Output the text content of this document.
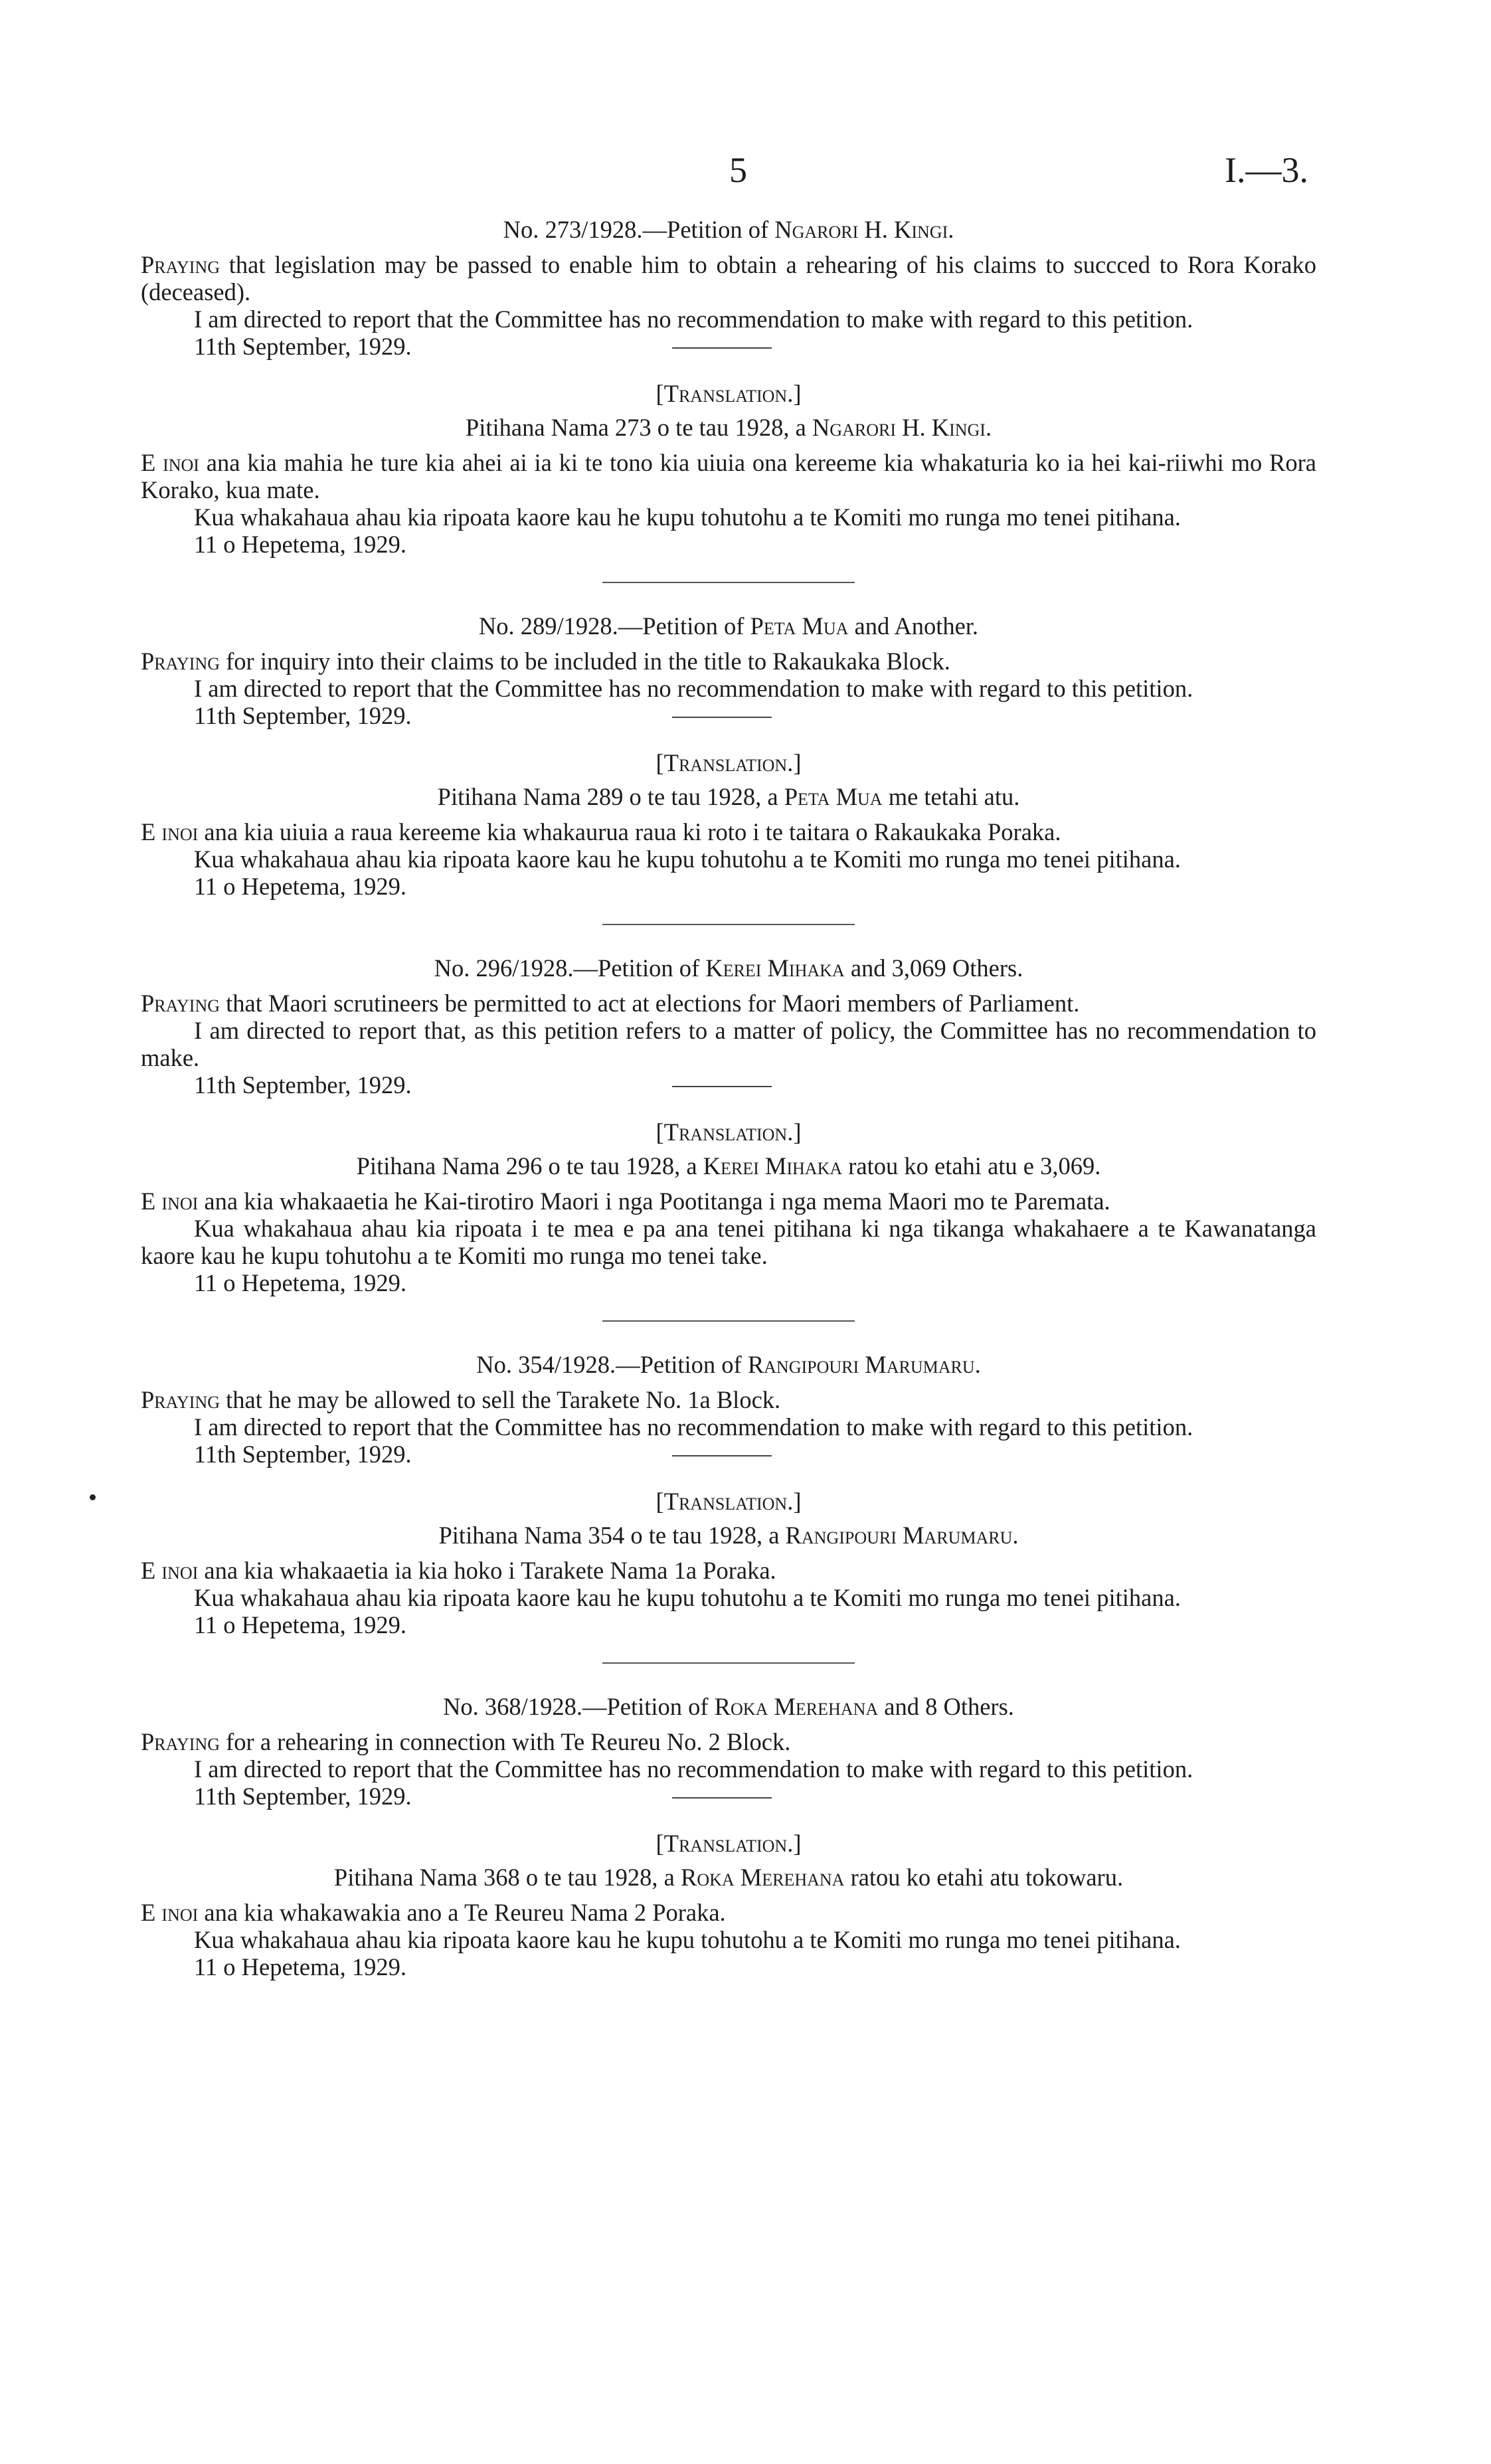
5	I.—3.
No. 273/1928.—Petition of Ngarori H. Kingi.

Praying that legislation may be passed to enable him to obtain a rehearing of his claims to succced to Rora Korako (deceased).

I am directed to report that the Committee has no recommendation to make with regard to this petition.

11th September, 1929.
[Translation.]
Pitihana Nama 273 o te tau 1928, a Ngarori H. Kingi.

E inoi ana kia mahia he ture kia ahei ai ia ki te tono kia uiuia ona kereeme kia whakaturia ko ia hei kai-riiwhi mo Rora Korako, kua mate.

Kua whakahaua ahau kia ripoata kaore kau he kupu tohutohu a te Komiti mo runga mo tenei pitihana.

11 o Hepetema, 1929.

No. 289/1928.—Petition of Peta Mua and Another.

Praying for inquiry into their claims to be included in the title to Rakaukaka Block.

I am directed to report that the Committee has no recommendation to make with regard to this petition.

11th September, 1929.
[Translation.]
Pitihana Nama 289 o te tau 1928, a Peta Mua me tetahi atu.

E inoi ana kia uiuia a raua kereeme kia whakaurua raua ki roto i te taitara o Rakaukaka Poraka.

Kua whakahaua ahau kia ripoata kaore kau he kupu tohutohu a te Komiti mo runga mo tenei pitihana.

11 o Hepetema, 1929.

No. 296/1928.—Petition of Kerei Mihaka and 3,069 Others.

Praying that Maori scrutineers be permitted to act at elections for Maori members of Parliament.

I am directed to report that, as this petition refers to a matter of policy, the Committee has no recommendation to make.

11th September, 1929.
[Translation.]
Pitihana Nama 296 o te tau 1928, a Kerei Mihaka ratou ko etahi atu e 3,069.

E inoi ana kia whakaaetia he Kai-tirotiro Maori i nga Pootitanga i nga mema Maori mo te Paremata.

Kua whakahaua ahau kia ripoata i te mea e pa ana tenei pitihana ki nga tikanga whakahaere a te Kawanatanga kaore kau he kupu tohutohu a te Komiti mo runga mo tenei take.

11 o Hepetema, 1929.

No. 354/1928.—Petition of Rangipouri Marumaru.

Praying that he may be allowed to sell the Tarakete No. 1a Block.

I am directed to report that the Committee has no recommendation to make with regard to this petition.

11th September, 1929.
[Translation.]
Pitihana Nama 354 o te tau 1928, a Rangipouri Marumaru.

E inoi ana kia whakaaetia ia kia hoko i Tarakete Nama 1a Poraka.

Kua whakahaua ahau kia ripoata kaore kau he kupu tohutohu a te Komiti mo runga mo tenei pitihana.

11 o Hepetema, 1929.

No. 368/1928.—Petition of Roka Merehana and 8 Others.

Praying for a rehearing in connection with Te Reureu No. 2 Block.

I am directed to report that the Committee has no recommendation to make with regard to this petition.

11th September, 1929.
[Translation.]
Pitihana Nama 368 o te tau 1928, a Roka Merehana ratou ko etahi atu tokowaru.

E inoi ana kia whakawakia ano a Te Reureu Nama 2 Poraka.

Kua whakahaua ahau kia ripoata kaore kau he kupu tohutohu a te Komiti mo runga mo tenei pitihana.

11 o Hepetema, 1929.
